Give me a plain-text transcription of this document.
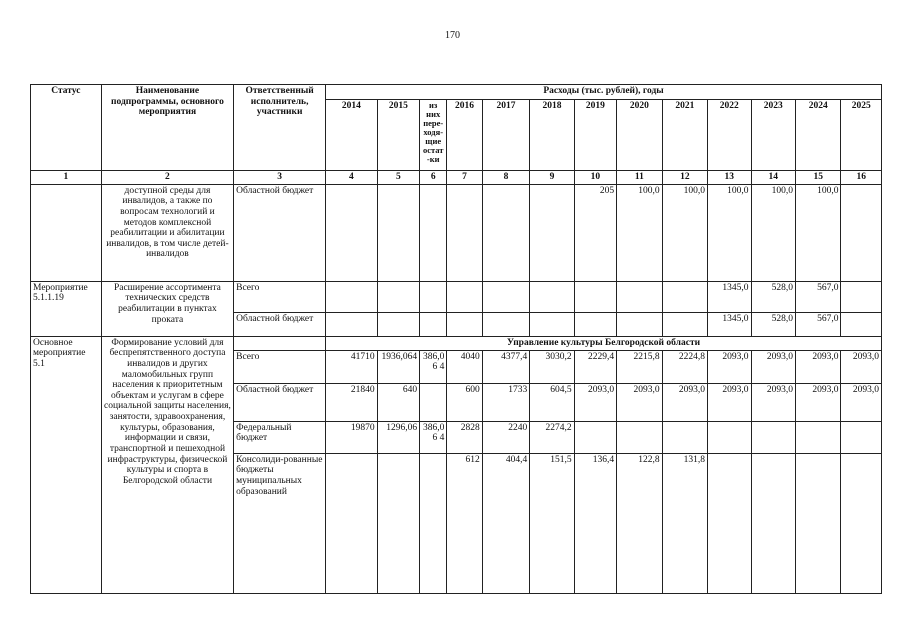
170
Статус	Наименование подпрограммы, основного мероприятия	Ответственный исполнитель, участники	Расходы (тыс. рублей), годы												
			2014	2015	из них пере-ходя-щие остат-ки	2016	2017	2018	2019	2020	2021	2022	2023	2024	2025
1	2	3	4	5	6	7	8	9	10	11	12	13	14	15	16
	доступной среды для инвалидов, а также по вопросам технологий и методов комплексной реабилитации и абилитации инвалидов, в том числе детей-инвалидов	Областной бюджет							205	100,0	100,0	100,0	100,0	100,0	
Мероприятие 5.1.1.19	Расширение ассортимента технических средств реабилитации в пунктах проката	Всего										1345,0	528,0	567,0	
		Областной бюджет										1345,0	528,0	567,0	
Основное мероприятие 5.1	Формирование условий для беспрепятственного доступа инвалидов и других маломобильных групп населения к приоритетным объектам и услугам в сфере социальной защиты населения, занятости, здравоохранения, культуры, образования, информации и связи, транспортной и пешеходной инфраструктуры, физической культуры и спорта в Белгородской области		Управление культуры Белгородской области												
		Всего	41710	1936,064	386,06 4	4040	4377,4	3030,2	2229,4	2215,8	2224,8	2093,0	2093,0	2093,0	2093,0
		Областной бюджет	21840	640		600	1733	604,5	2093,0	2093,0	2093,0	2093,0	2093,0	2093,0	2093,0
		Федеральный бюджет	19870	1296,06	386,06 4	2828	2240	2274,2							
		Консолиди-рованные бюджеты муниципальных образований				612	404,4	151,5	136,4	122,8	131,8				
